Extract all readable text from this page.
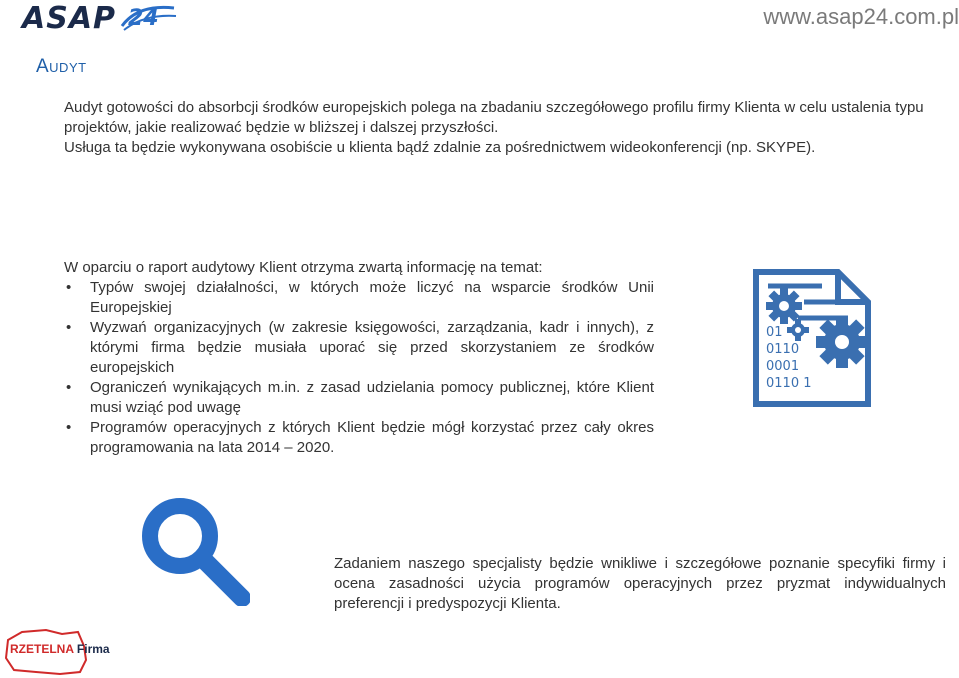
ASAP 24	www.asap24.com.pl
Audyt
Audyt gotowości do absorbcji środków europejskich polega na zbadaniu szczegółowego profilu firmy Klienta w celu ustalenia typu
projektów, jakie realizować będzie w bliższej i dalszej przyszłości.
Usługa ta będzie wykonywana osobiście u klienta bądź zdalnie za pośrednictwem wideokonferencji (np. SKYPE).
W oparciu o raport audytowy Klient otrzyma zwartą informację na temat:
• Typów swojej działalności, w których może liczyć na wsparcie środków Unii Europejskiej
• Wyzwań organizacyjnych (w zakresie księgowości, zarządzania, kadr i innych), z którymi firma będzie musiała uporać się przed skorzystaniem ze środków europejskich
• Ograniczeń wynikających m.in. z zasad udzielania pomocy publicznej, które Klient musi wziąć pod uwagę
• Programów operacyjnych z których Klient będzie mógł korzystać przez cały okres programowania na lata 2014 – 2020.
01
0110
0001
0110 1
Zadaniem naszego specjalisty będzie wnikliwe i szczegółowe poznanie specyfiki firmy i ocena zasadności użycia programów operacyjnych przez pryzmat indywidualnych preferencji i predyspozycji Klienta.
RZETELNA Firma
